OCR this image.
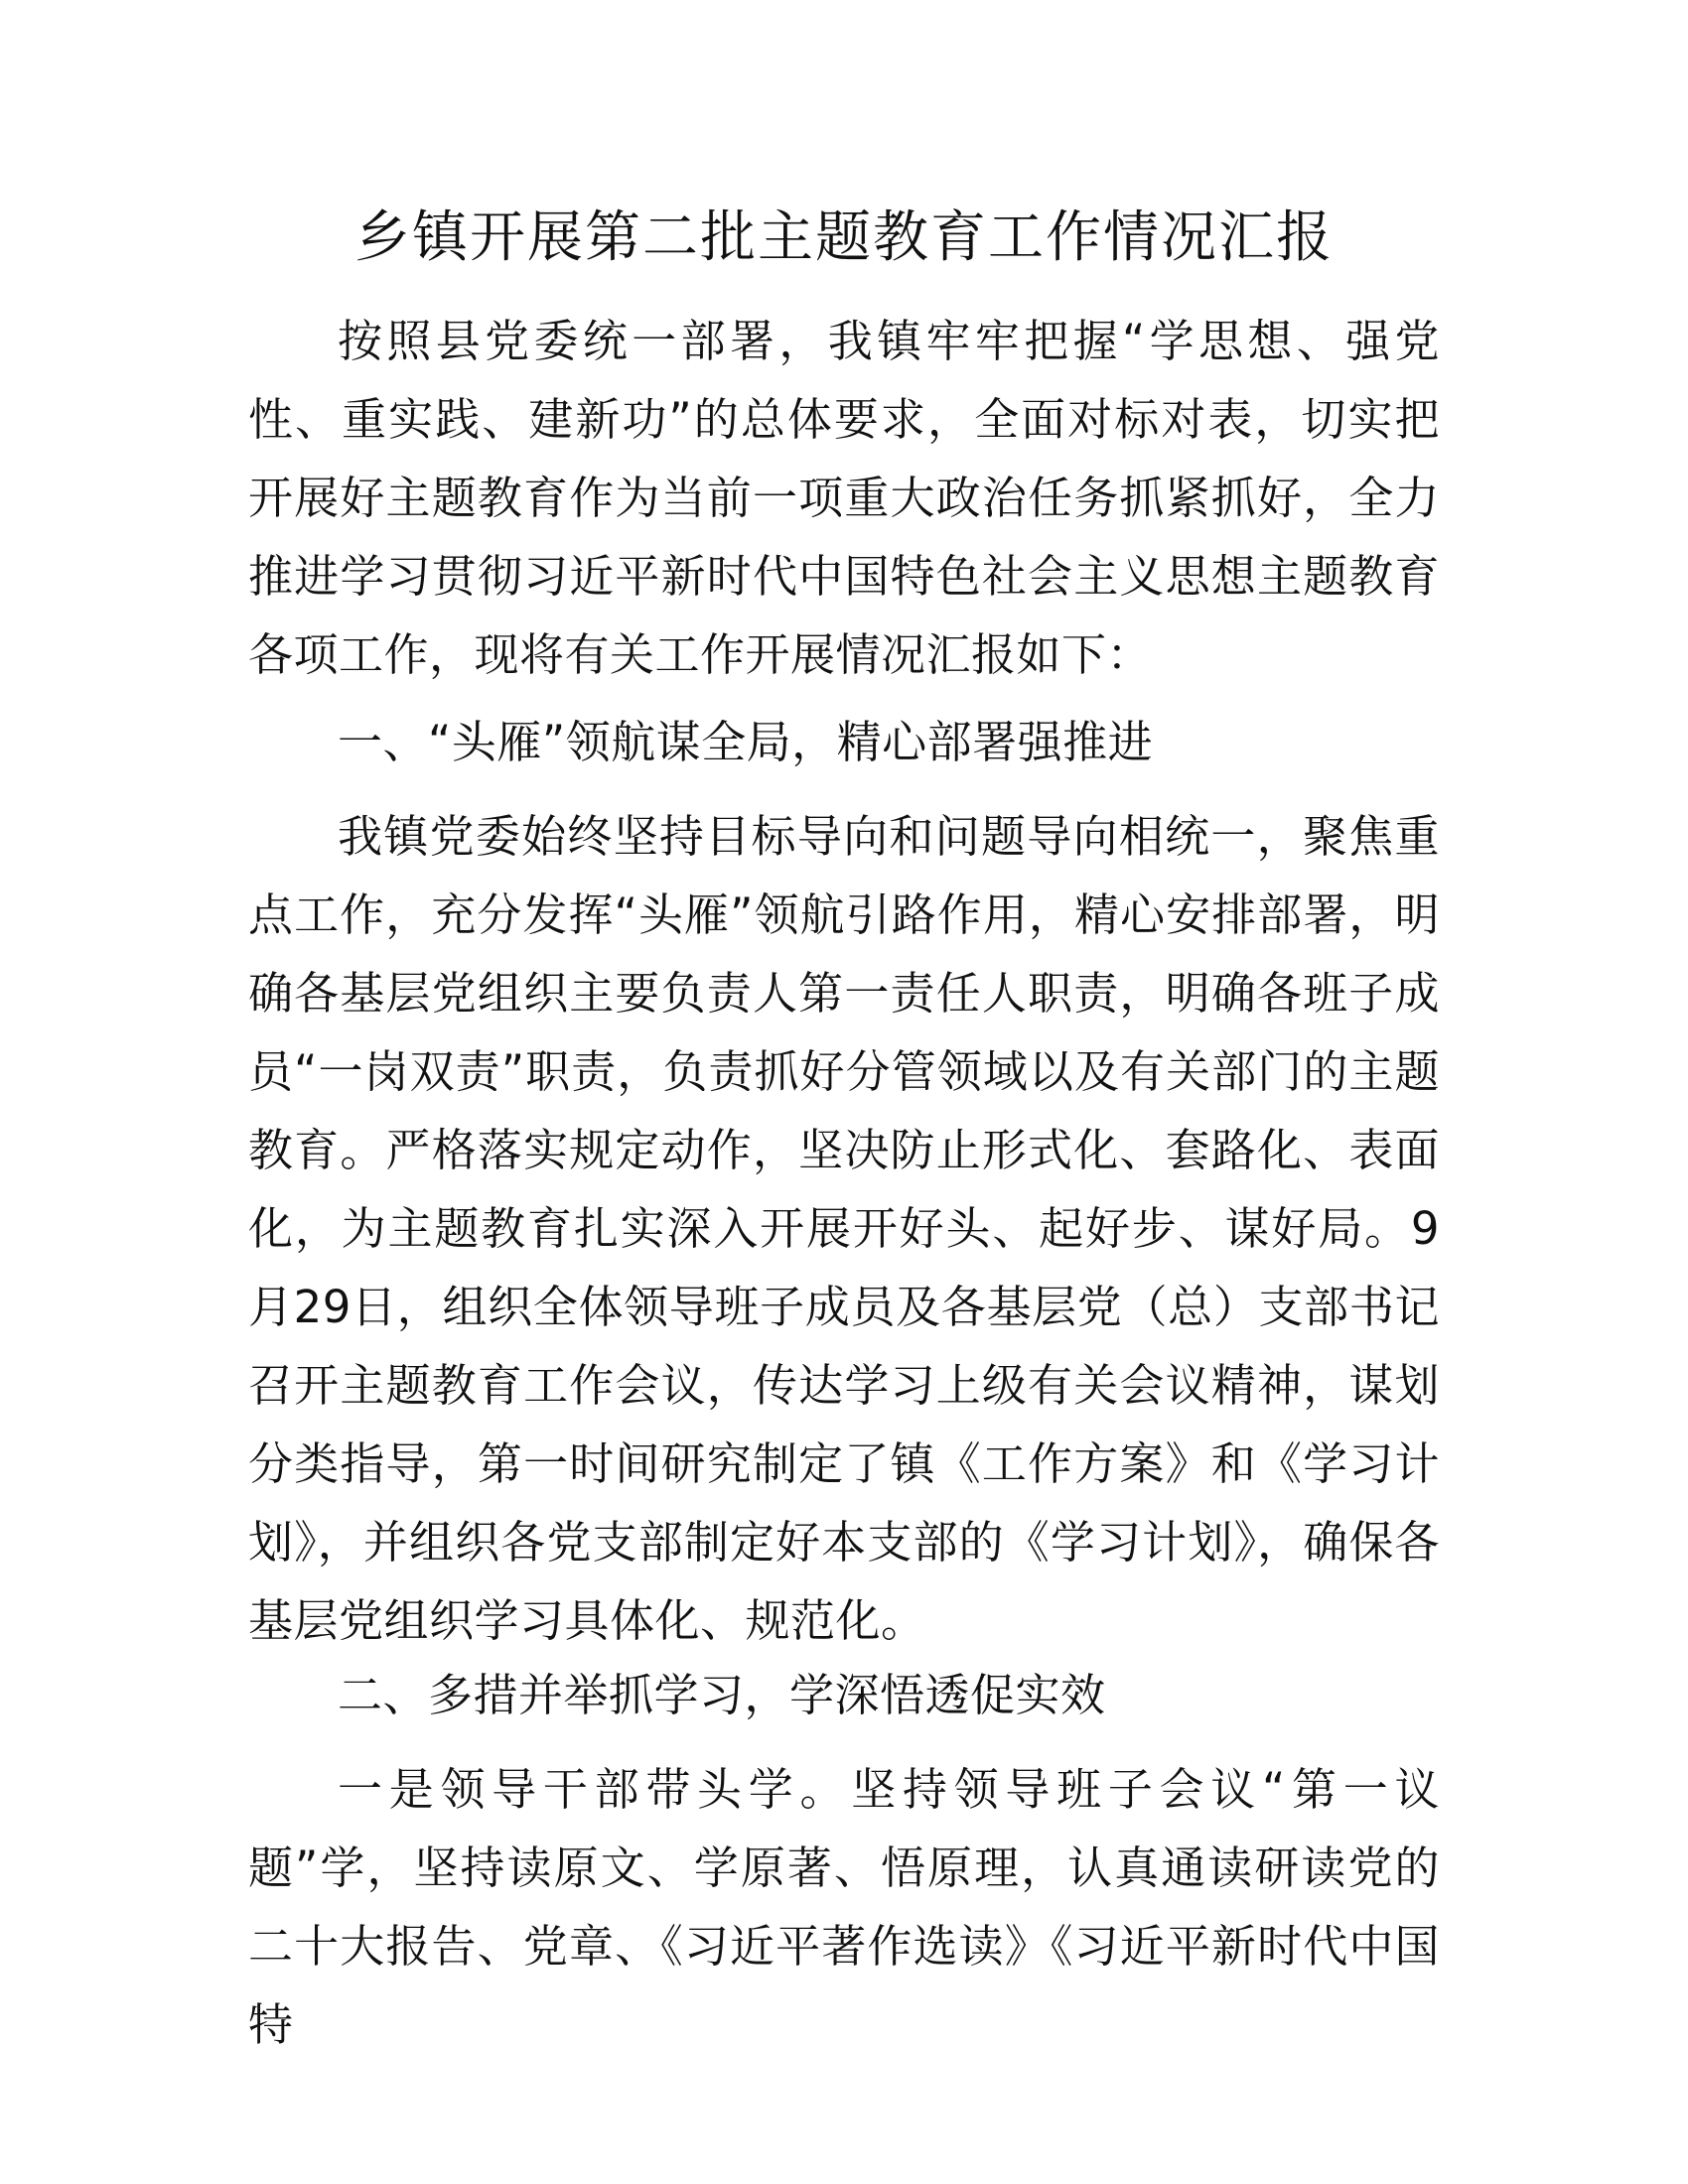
乡镇开展第二批主题教育工作情况汇报

按照县党委统一部署，我镇牢牢把握“学思想、强党性、重实践、建新功”的总体要求，全面对标对表，切实把开展好主题教育作为当前一项重大政治任务抓紧抓好，全力推进学习贯彻习近平新时代中国特色社会主义思想主题教育各项工作，现将有关工作开展情况汇报如下：

一、“头雁”领航谋全局，精心部署强推进

我镇党委始终坚持目标导向和问题导向相统一，聚焦重点工作，充分发挥“头雁”领航引路作用，精心安排部署，明确各基层党组织主要负责人第一责任人职责，明确各班子成员“一岗双责”职责，负责抓好分管领域以及有关部门的主题教育。严格落实规定动作，坚决防止形式化、套路化、表面化，为主题教育扎实深入开展开好头、起好步、谋好局。9月29日，组织全体领导班子成员及各基层党（总）支部书记召开主题教育工作会议，传达学习上级有关会议精神，谋划分类指导，第一时间研究制定了镇《工作方案》和《学习计划》，并组织各党支部制定好本支部的《学习计划》，确保各基层党组织学习具体化、规范化。

二、多措并举抓学习，学深悟透促实效

一是领导干部带头学。坚持领导班子会议“第一议题”学，坚持读原文、学原著、悟原理，认真通读研读党的二十大报告、党章、《习近平著作选读》《习近平新时代中国特
